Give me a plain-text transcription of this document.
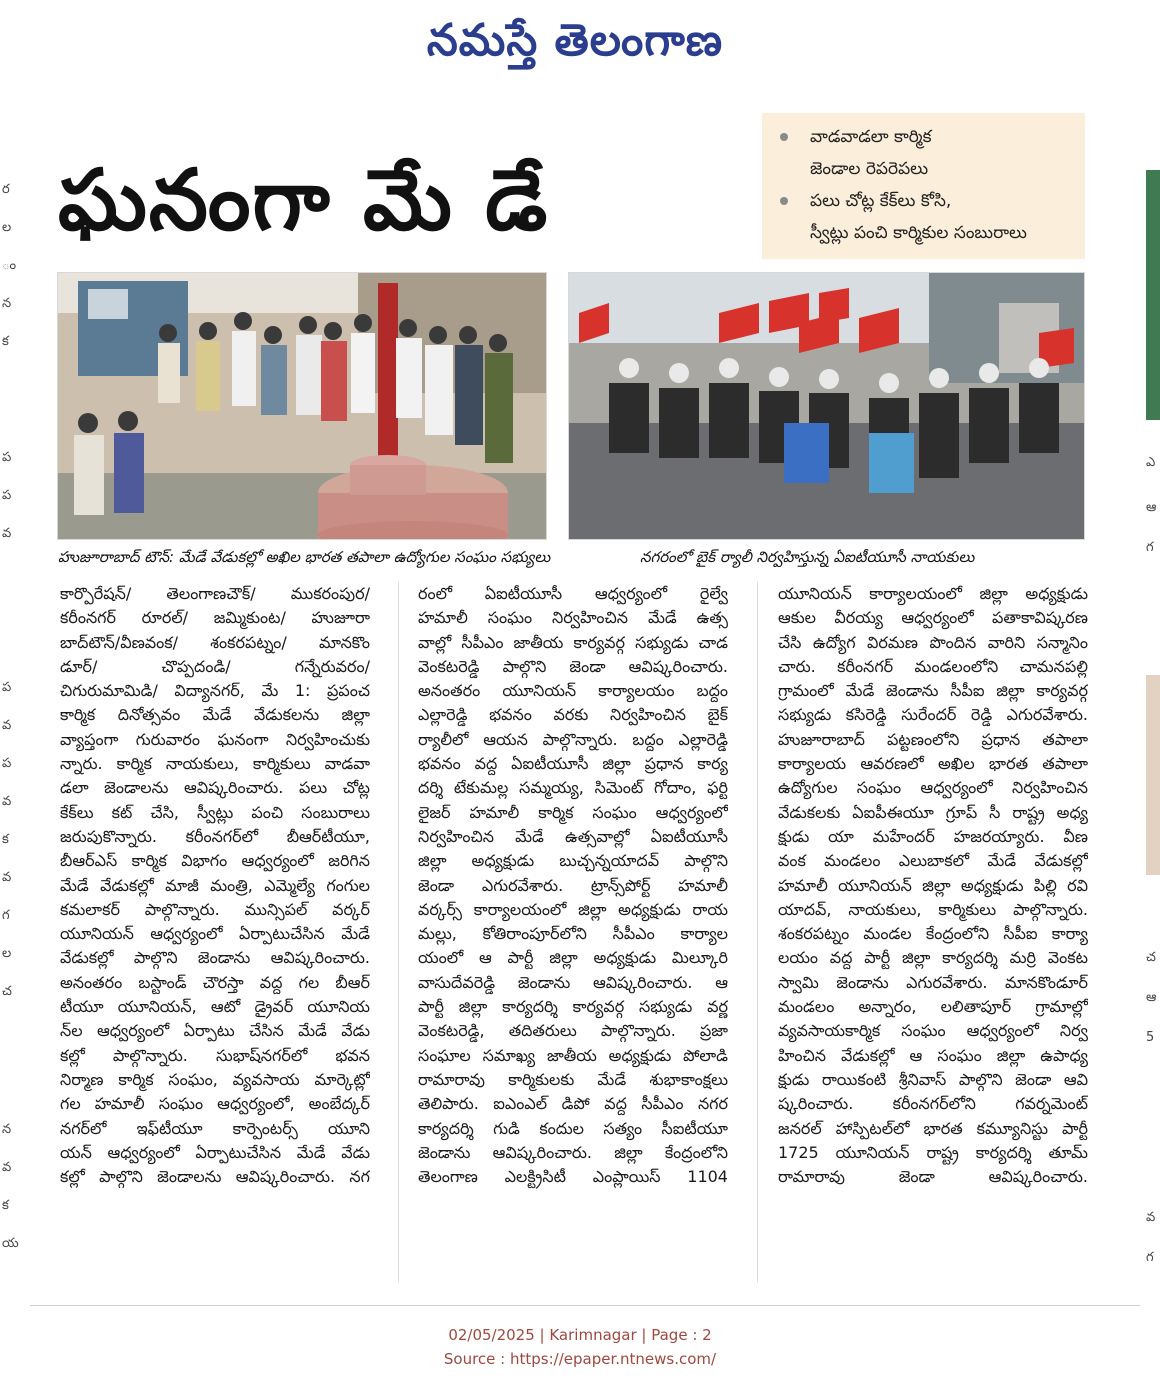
నమస్తే తెలంగాణ
ర
ల
ం
న
క
ప
ప
వ
ప
వ
ప
వ
క
వ
గ
ల
చ
న
వ
క
య
ఎ
ఆ
గ
చ
ఆ
5
వ
గ
ఘనంగా మే డే
వాడవాడలా కార్మిక
జెండాల రెపరెపలు
పలు చోట్ల కేక్‌లు కోసి,
స్వీట్లు పంచి కార్మికుల సంబురాలు
హుజూరాబాద్ టౌన్: మేడే వేడుకల్లో అఖిల భారత తపాలా ఉద్యోగుల సంఘం సభ్యులు	నగరంలో బైక్ ర్యాలీ నిర్వహిస్తున్న ఏఐటీయూసీ నాయకులు
కార్పొరేషన్/ తెలంగాణచౌక్/ ముకరంపుర/
కరీంనగర్ రూరల్/ జమ్మికుంట/ హుజూరా
బాద్‌టౌన్/వీణవంక/ శంకరపట్నం/ మానకొం
డూర్/ చొప్పదండి/ గన్నేరువరం/
చిగురుమామిడి/ విద్యానగర్, మే 1: ప్రపంచ
కార్మిక దినోత్సవం మేడే వేడుకలను జిల్లా
వ్యాప్తంగా గురువారం ఘనంగా నిర్వహించుకు
న్నారు. కార్మిక నాయకులు, కార్మికులు వాడవా
డలా జెండాలను ఆవిష్కరించారు. పలు చోట్ల
కేక్‌లు కట్ చేసి, స్వీట్లు పంచి సంబురాలు
జరుపుకొన్నారు. కరీంనగర్‌లో బీఆర్‌టీయూ,
బీఆర్‌ఎస్ కార్మిక విభాగం ఆధ్వర్యంలో జరిగిన
మేడే వేడుకల్లో మాజీ మంత్రి, ఎమ్మెల్యే గంగుల
కమలాకర్ పాల్గొన్నారు. మున్సిపల్ వర్కర్
యూనియన్ ఆధ్వర్యంలో ఏర్పాటుచేసిన మేడే
వేడుకల్లో పాల్గొని జెండాను ఆవిష్కరించారు.
అనంతరం బస్టాండ్ చౌరస్తా వద్ద గల బీఆర్
టీయూ యూనియన్, ఆటో డ్రైవర్ యూనియ
న్‌ల ఆధ్వర్యంలో ఏర్పాటు చేసిన మేడే వేడు
కల్లో పాల్గొన్నారు. సుభాష్‌నగర్‌లో భవన
నిర్మాణ కార్మిక సంఘం, వ్యవసాయ మార్కెట్లో
గల హమాలీ సంఘం ఆధ్వర్యంలో, అంబేద్కర్
నగర్‌లో ఇఫ్‌టీయూ కార్పెంటర్స్ యూని
యన్ ఆధ్వర్యంలో ఏర్పాటుచేసిన మేడే వేడు
కల్లో పాల్గొని జెండాలను ఆవిష్కరించారు. నగ
రంలో ఏఐటీయూసీ ఆధ్వర్యంలో రైల్వే
హమాలీ సంఘం నిర్వహించిన మేడే ఉత్స
వాల్లో సీపీఎం జాతీయ కార్యవర్గ సభ్యుడు చాడ
వెంకటరెడ్డి పాల్గొని జెండా ఆవిష్కరించారు.
అనంతరం యూనియన్ కార్యాలయం బద్దం
ఎల్లారెడ్డి భవనం వరకు నిర్వహించిన బైక్
ర్యాలీలో ఆయన పాల్గొన్నారు. బద్దం ఎల్లారెడ్డి
భవనం వద్ద ఏఐటీయూసీ జిల్లా ప్రధాన కార్య
దర్శి టేకుమల్ల సమ్మయ్య, సిమెంట్ గోదాం, ఫర్టి
లైజర్ హమాలీ కార్మిక సంఘం ఆధ్వర్యంలో
నిర్వహించిన మేడే ఉత్సవాల్లో ఏఐటీయూసీ
జిల్లా అధ్యక్షుడు బుచ్చన్నయాదవ్ పాల్గొని
జెండా ఎగురవేశారు. ట్రాన్స్‌పోర్ట్ హమాలీ
వర్కర్స్ కార్యాలయంలో జిల్లా అధ్యక్షుడు రాయ
మల్లు, కోతిరాంపూర్‌లోని సీపీఎం కార్యాల
యంలో ఆ పార్టీ జిల్లా అధ్యక్షుడు మిల్కూరి
వాసుదేవరెడ్డి జెండాను ఆవిష్కరించారు. ఆ
పార్టీ జిల్లా కార్యదర్శి కార్యవర్గ సభ్యుడు వర్ణ
వెంకటరెడ్డి, తదితరులు పాల్గొన్నారు. ప్రజా
సంఘాల సమాఖ్య జాతీయ అధ్యక్షుడు పోలాడి
రామారావు కార్మికులకు మేడే శుభాకాంక్షలు
తెలిపారు. ఐఎంఎల్ డిపో వద్ద సీపీఎం నగర
కార్యదర్శి గుడి కందుల సత్యం సీఐటీయూ
జెండాను ఆవిష్కరించారు. జిల్లా కేంద్రంలోని
తెలంగాణ ఎలక్ట్రిసిటీ ఎంప్లాయిస్ 1104
యూనియన్ కార్యాలయంలో జిల్లా అధ్యక్షుడు
ఆకుల వీరయ్య ఆధ్వర్యంలో పతాకావిష్కరణ
చేసి ఉద్యోగ విరమణ పొందిన వారిని సన్మానిం
చారు. కరీంనగర్ మండలంలోని చామనపల్లి
గ్రామంలో మేడే జెండాను సీపీఐ జిల్లా కార్యవర్గ
సభ్యుడు కసిరెడ్డి సురేందర్ రెడ్డి ఎగురవేశారు.
హుజూరాబాద్ పట్టణంలోని ప్రధాన తపాలా
కార్యాలయ ఆవరణలో అఖిల భారత తపాలా
ఉద్యోగుల సంఘం ఆధ్వర్యంలో నిర్వహించిన
వేడుకలకు ఏఐపీఈయూ గ్రూప్ సీ రాష్ట్ర అధ్య
క్షుడు యా మహేందర్ హజరయ్యారు. వీణ
వంక మండలం ఎలుబాకలో మేడే వేడుకల్లో
హమాలీ యూనియన్ జిల్లా అధ్యక్షుడు పిల్లి రవి
యాదవ్, నాయకులు, కార్మికులు పాల్గొన్నారు.
శంకరపట్నం మండల కేంద్రంలోని సీపీఐ కార్యా
లయం వద్ద పార్టీ జిల్లా కార్యదర్శి మర్రి వెంకట
స్వామి జెండాను ఎగురవేశారు. మానకొండూర్
మండలం అన్నారం, లలితాపూర్ గ్రామాల్లో
వ్యవసాయకార్మిక సంఘం ఆధ్వర్యంలో నిర్వ
హించిన వేడుకల్లో ఆ సంఘం జిల్లా ఉపాధ్య
క్షుడు రాయికంటి శ్రీనివాస్ పాల్గొని జెండా ఆవి
ష్కరించారు. కరీంనగర్‌లోని గవర్నమెంట్
జనరల్ హాస్పిటల్‌లో భారత కమ్యూనిస్టు పార్టీ
1725 యూనియన్ రాష్ట్ర కార్యదర్శి తూమ్
రామారావు జెండా ఆవిష్కరించారు.
02/05/2025 | Karimnagar | Page : 2
Source : https://epaper.ntnews.com/
